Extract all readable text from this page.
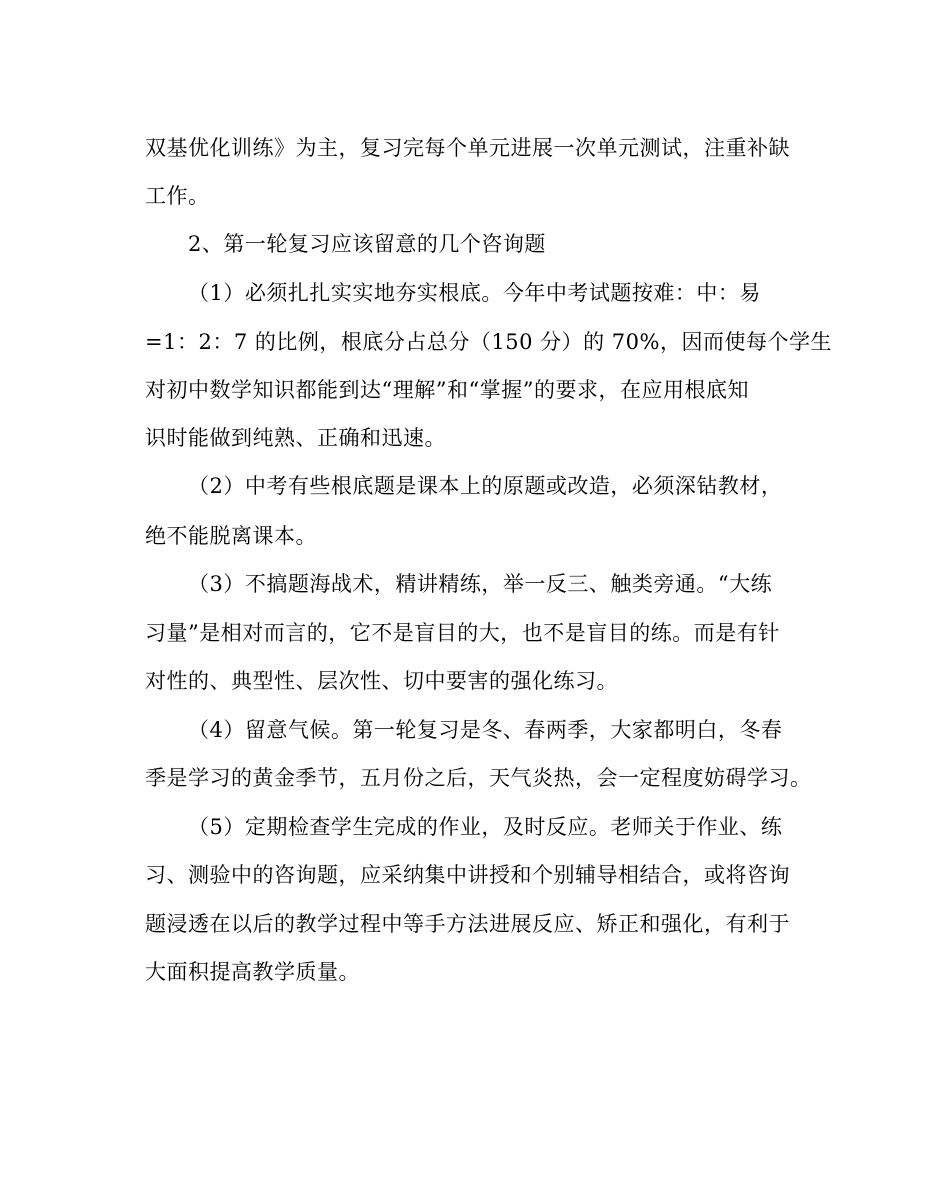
双基优化训练》为主，复习完每个单元进展一次单元测试，注重补缺
工作。
2、第一轮复习应该留意的几个咨询题
（1）必须扎扎实实地夯实根底。今年中考试题按难：中：易
=1：2：7 的比例，根底分占总分（150 分）的 70%，因而使每个学生
对初中数学知识都能到达“理解”和“掌握”的要求，在应用根底知
识时能做到纯熟、正确和迅速。
（2）中考有些根底题是课本上的原题或改造，必须深钻教材，
绝不能脱离课本。
（3）不搞题海战术，精讲精练，举一反三、触类旁通。“大练
习量”是相对而言的，它不是盲目的大，也不是盲目的练。而是有针
对性的、典型性、层次性、切中要害的强化练习。
（4）留意气候。第一轮复习是冬、春两季，大家都明白，冬春
季是学习的黄金季节，五月份之后，天气炎热，会一定程度妨碍学习。
（5）定期检查学生完成的作业，及时反应。老师关于作业、练
习、测验中的咨询题，应采纳集中讲授和个别辅导相结合，或将咨询
题浸透在以后的教学过程中等手方法进展反应、矫正和强化，有利于
大面积提高教学质量。
